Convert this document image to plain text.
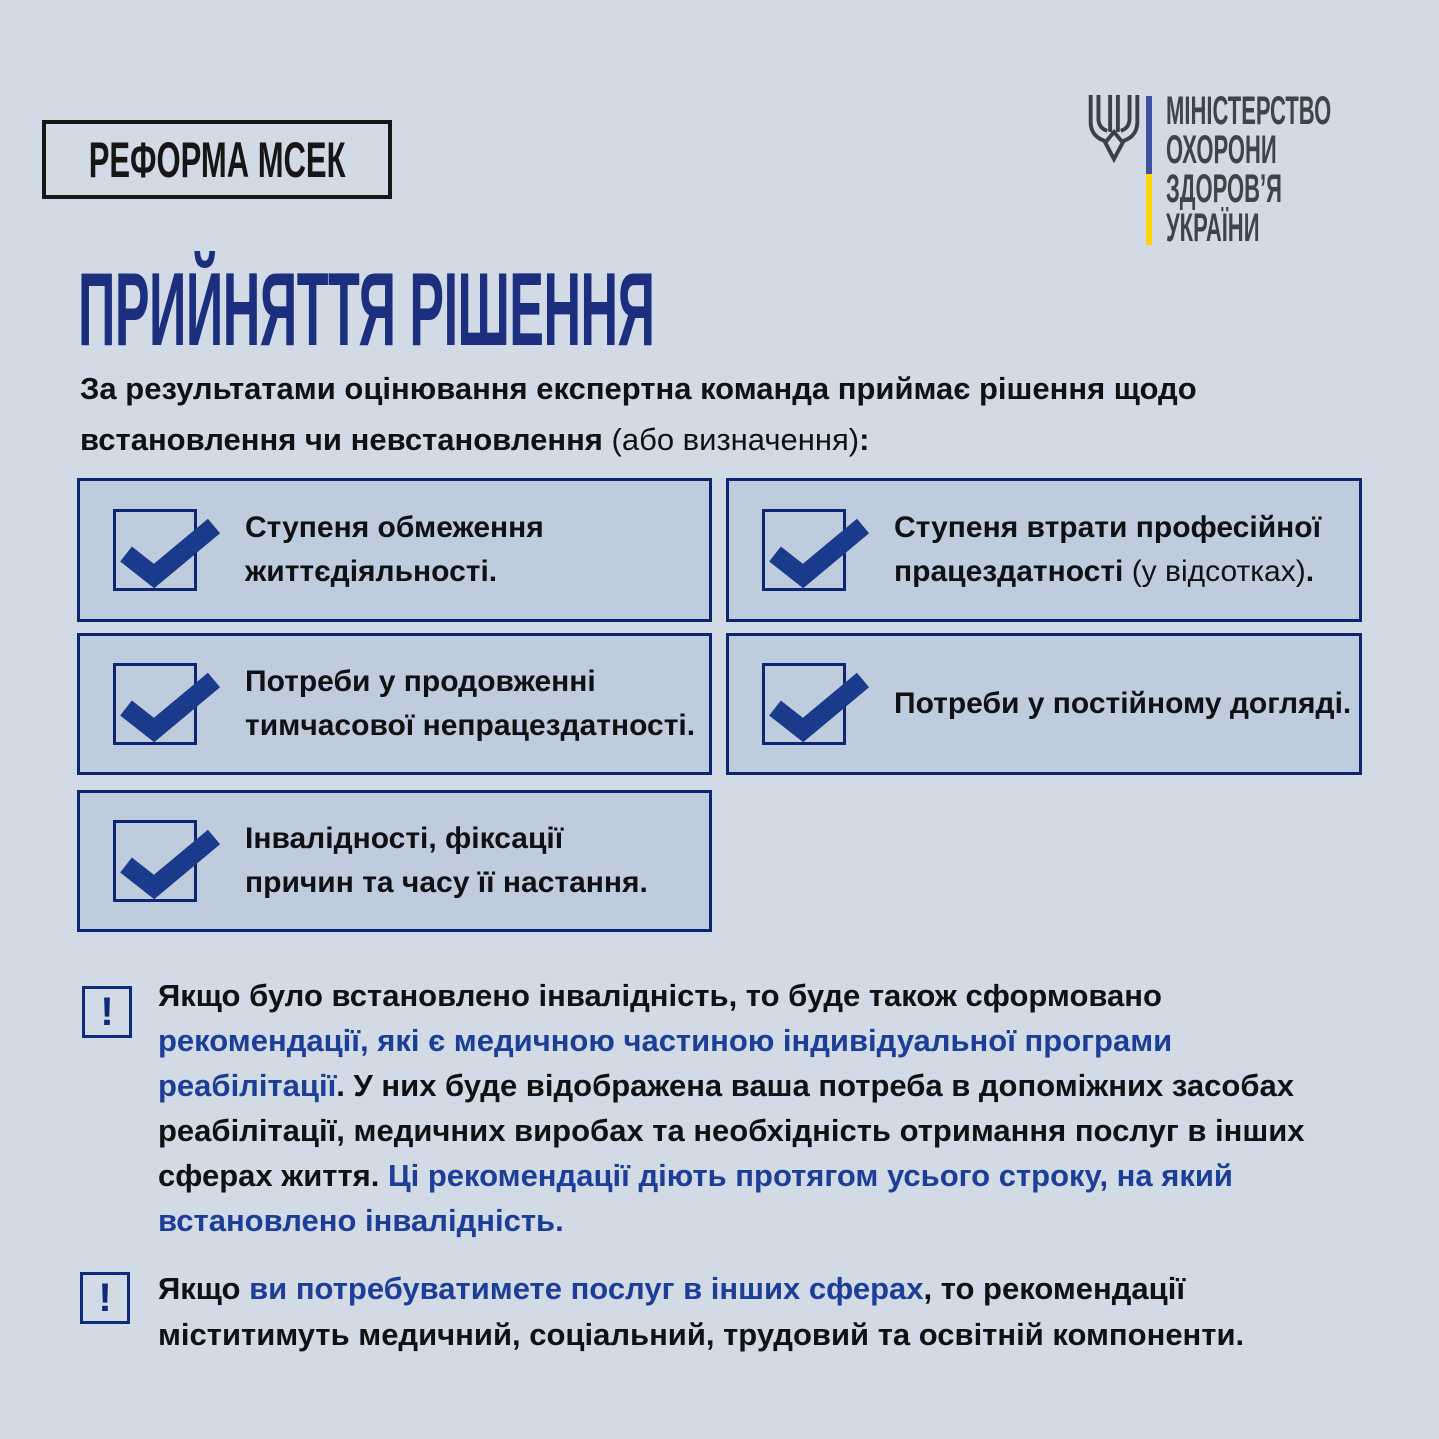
РЕФОРМА МСЕК
МІНІСТЕРСТВО
ОХОРОНИ
ЗДОРОВ’Я
УКРАЇНИ
ПРИЙНЯТТЯ РІШЕННЯ
За результатами оцінювання експертна команда приймає рішення щодо
встановлення чи невстановлення (або визначення):
Ступеня обмеження
життєдіяльності.
Ступеня втрати професійної
працездатності (у відсотках).
Потреби у продовженні
тимчасової непрацездатності.
Потреби у постійному догляді.
Інвалідності, фіксації
причин та часу її настання.
! Якщо було встановлено інвалідність, то буде також сформовано
рекомендації, які є медичною частиною індивідуальної програми
реабілітації. У них буде відображена ваша потреба в допоміжних засобах
реабілітації, медичних виробах та необхідність отримання послуг в інших
сферах життя. Ці рекомендації діють протягом усього строку, на який
встановлено інвалідність.
! Якщо ви потребуватимете послуг в інших сферах, то рекомендації
міститимуть медичний, соціальний, трудовий та освітній компоненти.
